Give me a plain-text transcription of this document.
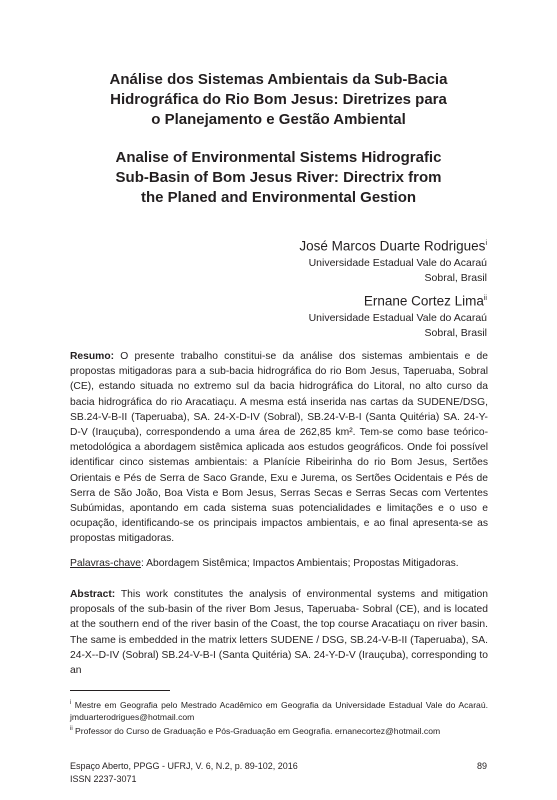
Análise dos Sistemas Ambientais da Sub-Bacia
Hidrográfica do Rio Bom Jesus: Diretrizes para
o Planejamento e Gestão Ambiental
Analise of Environmental Sistems Hidrografic
Sub-Basin of Bom Jesus River: Directrix from
the Planed and Environmental Gestion
José Marcos Duarte Rodrigues$^i$
Universidade Estadual Vale do Acaraú
Sobral, Brasil
Ernane Cortez Lima$^{ii}$
Universidade Estadual Vale do Acaraú
Sobral, Brasil
Resumo: O presente trabalho constitui-se da análise dos sistemas ambientais e de propostas mitigadoras para a sub-bacia hidrográfica do rio Bom Jesus, Taperuaba, Sobral (CE), estando situada no extremo sul da bacia hidrográfica do Litoral, no alto curso da bacia hidrográfica do rio Aracatiaçu. A mesma está inserida nas cartas da SUDENE/DSG, SB.24-V-B-II (Taperuaba), SA. 24-X-D-IV (Sobral), SB.24-V-B-I (Santa Quitéria) SA. 24-Y-D-V (Irauçuba), correspondendo a uma área de 262,85 km². Tem-se como base teórico-metodológica a abordagem sistêmica aplicada aos estudos geográficos. Onde foi possível identificar cinco sistemas ambientais: a Planície Ribeirinha do rio Bom Jesus, Sertões Orientais e Pés de Serra de Saco Grande, Exu e Jurema, os Sertões Ocidentais e Pés de Serra de São João, Boa Vista e Bom Jesus, Serras Secas e Serras Secas com Vertentes Subúmidas, apontando em cada sistema suas potencialidades e limitações e o uso e ocupação, identificando-se os principais impactos ambientais, e ao final apresenta-se as propostas mitigadoras.
Palavras-chave: Abordagem Sistêmica; Impactos Ambientais; Propostas Mitigadoras.
Abstract: This work constitutes the analysis of environmental systems and mitigation proposals of the sub-basin of the river Bom Jesus, Taperuaba- Sobral (CE), and is located at the southern end of the river basin of the Coast, the top course Aracatiaçu on river basin. The same is embedded in the matrix letters SUDENE / DSG, SB.24-V-B-II (Taperuaba), SA. 24-X--D-IV (Sobral) SB.24-V-B-I (Santa Quitéria) SA. 24-Y-D-V (Irauçuba), corresponding to an
$^i$ Mestre em Geografia pelo Mestrado Acadêmico em Geografia da Universidade Estadual Vale do Acaraú. jmduarterodrigues@hotmail.com
$^{ii}$ Professor do Curso de Graduação e Pós-Graduação em Geografia. ernanecortez@hotmail.com
Espaço Aberto, PPGG - UFRJ, V. 6, N.2, p. 89-102, 2016
ISSN 2237-3071
89
